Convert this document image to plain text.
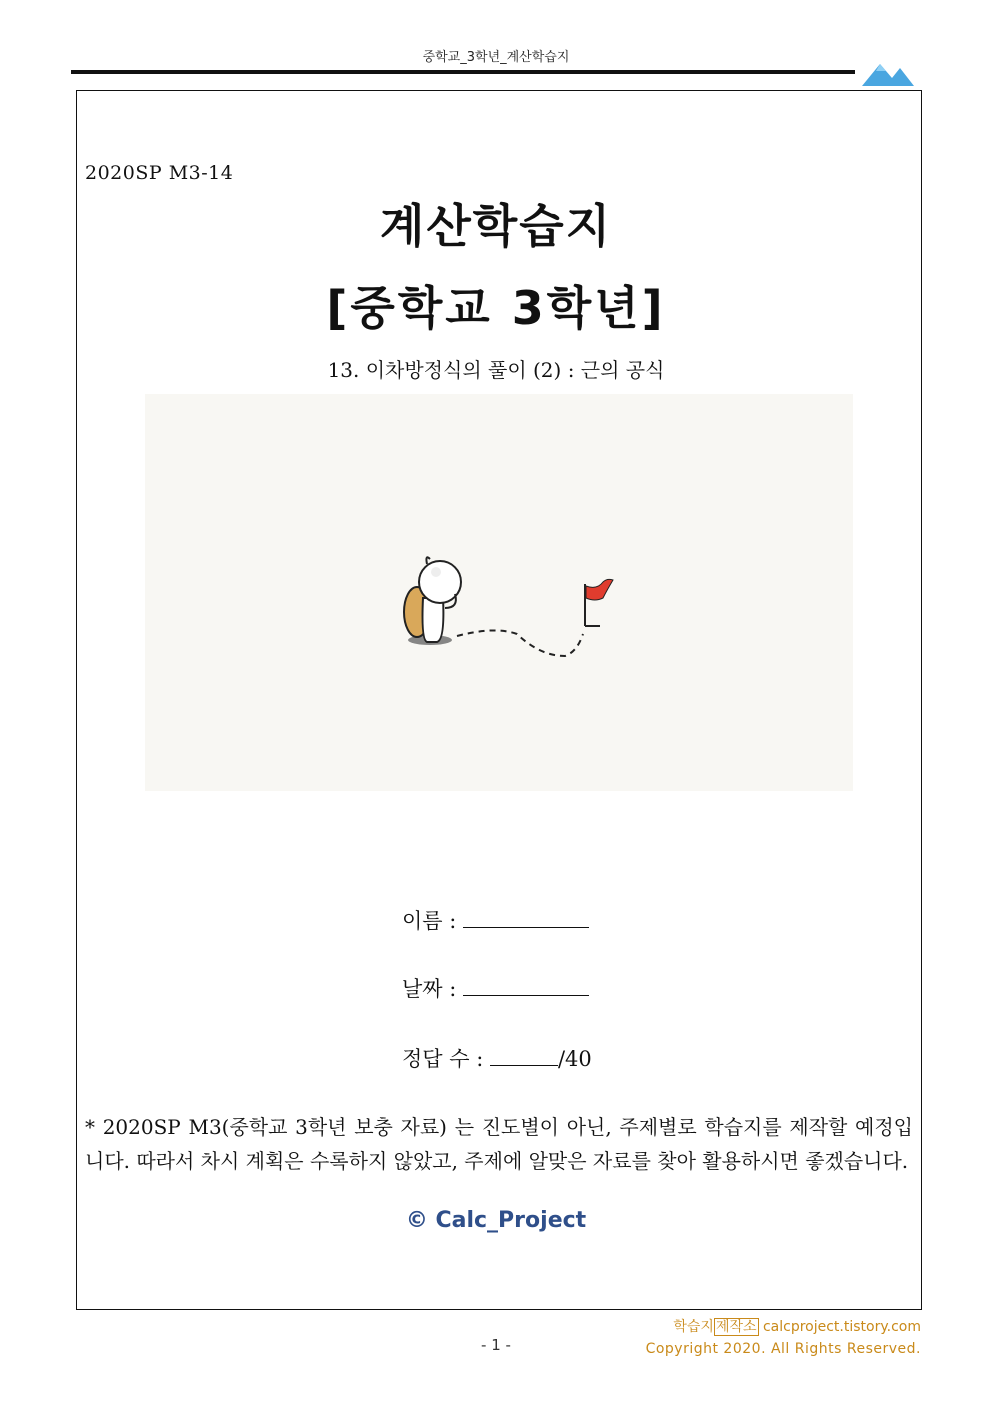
중학교_3학년_계산학습지
2020SP M3-14
계산학습지
[중학교 3학년]
13. 이차방정식의 풀이 (2) : 근의 공식
이름 :
날짜 :
정답 수 :	/40
* 2020SP M3(중학교 3학년 보충 자료) 는 진도별이 아닌, 주제별로 학습지를 제작할 예정입니다. 따라서 차시 계획은 수록하지 않았고, 주제에 알맞은 자료를 찾아 활용하시면 좋겠습니다.
© Calc_Project
- 1 -
학습지 제작소 calcproject.tistory.com
Copyright 2020. All Rights Reserved.
